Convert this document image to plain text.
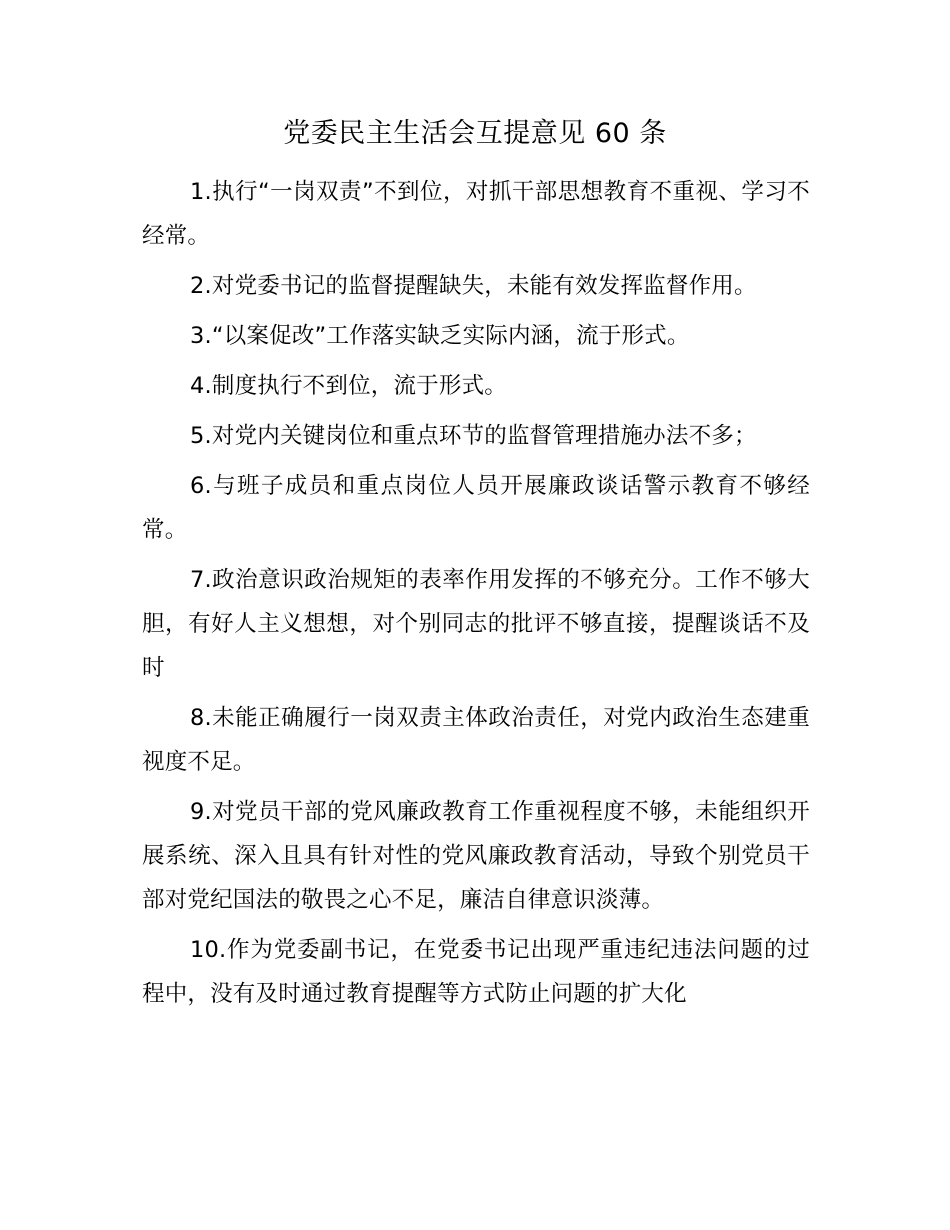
党委民主生活会互提意见 60 条

1.执行“一岗双责”不到位，对抓干部思想教育不重视、学习不经常。

2.对党委书记的监督提醒缺失，未能有效发挥监督作用。

3.“以案促改”工作落实缺乏实际内涵，流于形式。

4.制度执行不到位，流于形式。

5.对党内关键岗位和重点环节的监督管理措施办法不多；

6.与班子成员和重点岗位人员开展廉政谈话警示教育不够经常。

7.政治意识政治规矩的表率作用发挥的不够充分。工作不够大胆，有好人主义想想，对个别同志的批评不够直接，提醒谈话不及时

8.未能正确履行一岗双责主体政治责任，对党内政治生态建重视度不足。

9.对党员干部的党风廉政教育工作重视程度不够，未能组织开展系统、深入且具有针对性的党风廉政教育活动，导致个别党员干部对党纪国法的敬畏之心不足，廉洁自律意识淡薄。

10.作为党委副书记，在党委书记出现严重违纪违法问题的过程中，没有及时通过教育提醒等方式防止问题的扩大化
